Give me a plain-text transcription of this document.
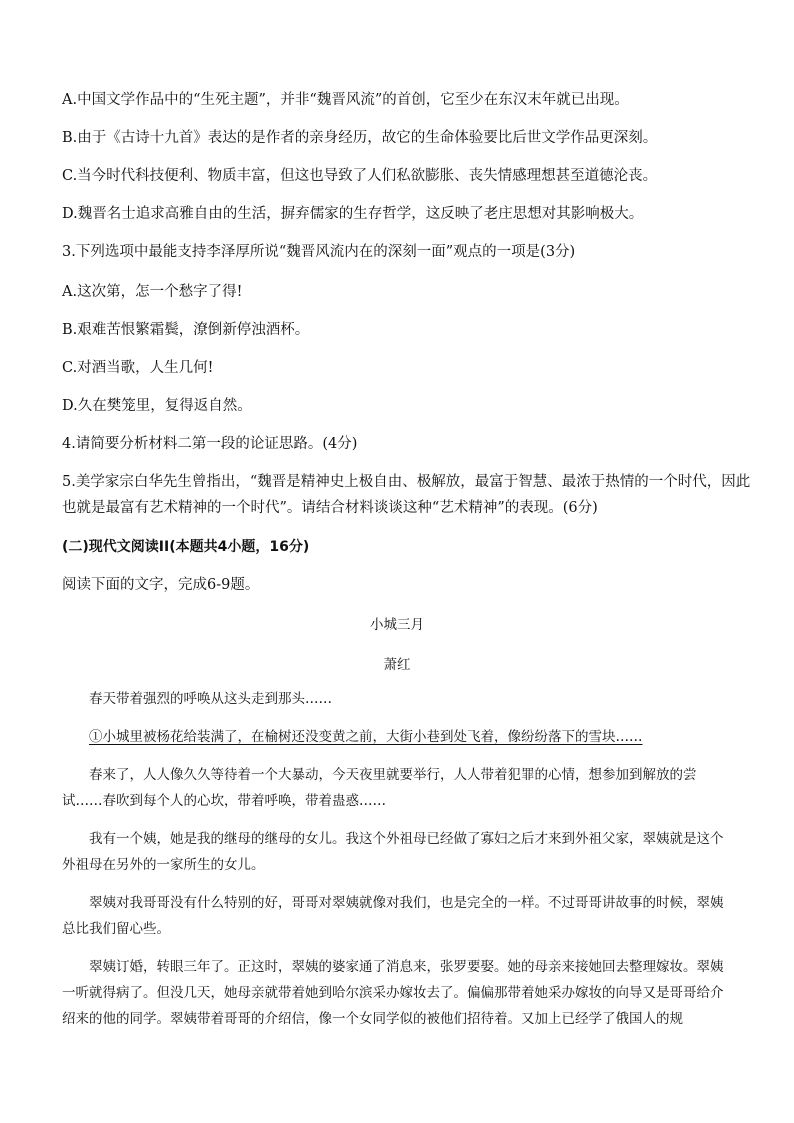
A.中国文学作品中的“生死主题”，并非“魏晋风流”的首创，它至少在东汉末年就已出现。
B.由于《古诗十九首》表达的是作者的亲身经历，故它的生命体验要比后世文学作品更深刻。
C.当今时代科技便利、物质丰富，但这也导致了人们私欲膨胀、丧失情感理想甚至道德沦丧。
D.魏晋名士追求高雅自由的生活，摒弃儒家的生存哲学，这反映了老庄思想对其影响极大。
3.下列选项中最能支持李泽厚所说“魏晋风流内在的深刻一面”观点的一项是(3分)
A.这次第，怎一个愁字了得!
B.艰难苦恨繁霜鬓，潦倒新停浊酒杯。
C.对酒当歌，人生几何!
D.久在樊笼里，复得返自然。
4.请简要分析材料二第一段的论证思路。(4分)
5.美学家宗白华先生曾指出，“魏晋是精神史上极自由、极解放，最富于智慧、最浓于热情的一个时代，因此
也就是最富有艺术精神的一个时代”。请结合材料谈谈这种“艺术精神”的表现。(6分)
(二)现代文阅读II(本题共4小题，16分)
阅读下面的文字，完成6-9题。
小城三月
萧红
春天带着强烈的呼唤从这头走到那头……
①小城里被杨花给装满了，在榆树还没变黄之前，大街小巷到处飞着，像纷纷落下的雪块……
春来了，人人像久久等待着一个大暴动，今天夜里就要举行，人人带着犯罪的心情，想参加到解放的尝试……春吹到每个人的心坎，带着呼唤，带着蛊惑……
我有一个姨，她是我的继母的继母的女儿。我这个外祖母已经做了寡妇之后才来到外祖父家，翠姨就是这个外祖母在另外的一家所生的女儿。
翠姨对我哥哥没有什么特别的好，哥哥对翠姨就像对我们，也是完全的一样。不过哥哥讲故事的时候，翠姨总比我们留心些。
翠姨订婚，转眼三年了。正这时，翠姨的婆家通了消息来，张罗要娶。她的母亲来接她回去整理嫁妆。翠姨一听就得病了。但没几天，她母亲就带着她到哈尔滨采办嫁妆去了。偏偏那带着她采办嫁妆的向导又是哥哥给介绍来的他的同学。翠姨带着哥哥的介绍信，像一个女同学似的被他们招待着。又加上已经学了俄国人的规
